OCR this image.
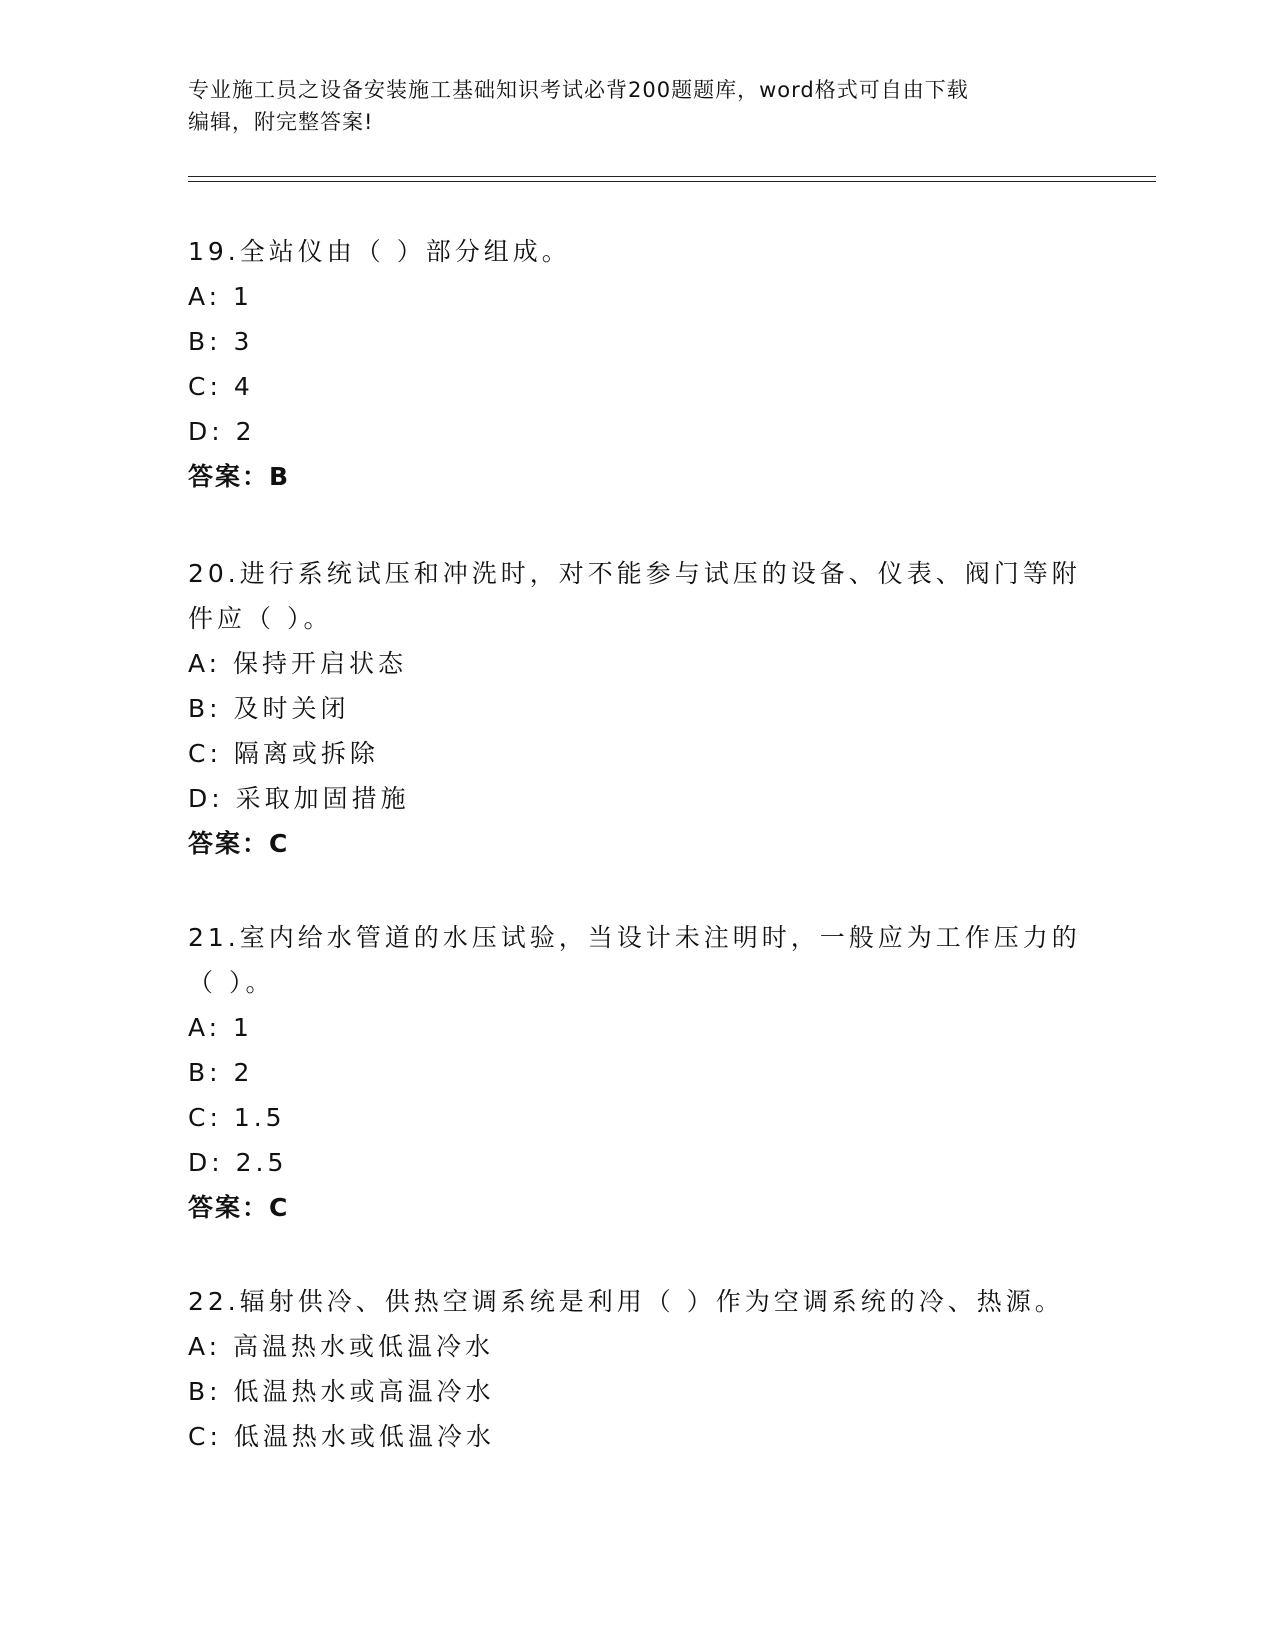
专业施工员之设备安装施工基础知识考试必背200题题库，word格式可自由下载
编辑，附完整答案!

19.全站仪由（ ）部分组成。

A: 1

B: 3

C: 4

D: 2

答案：B

20.进行系统试压和冲洗时，对不能参与试压的设备、仪表、阀门等附

件应（ ）。

A: 保持开启状态

B: 及时关闭

C: 隔离或拆除

D: 采取加固措施

答案：C

21.室内给水管道的水压试验，当设计未注明时，一般应为工作压力的

（ ）。

A: 1

B: 2

C: 1.5

D: 2.5

答案：C

22.辐射供冷、供热空调系统是利用（ ）作为空调系统的冷、热源。

A: 高温热水或低温冷水

B: 低温热水或高温冷水

C: 低温热水或低温冷水
